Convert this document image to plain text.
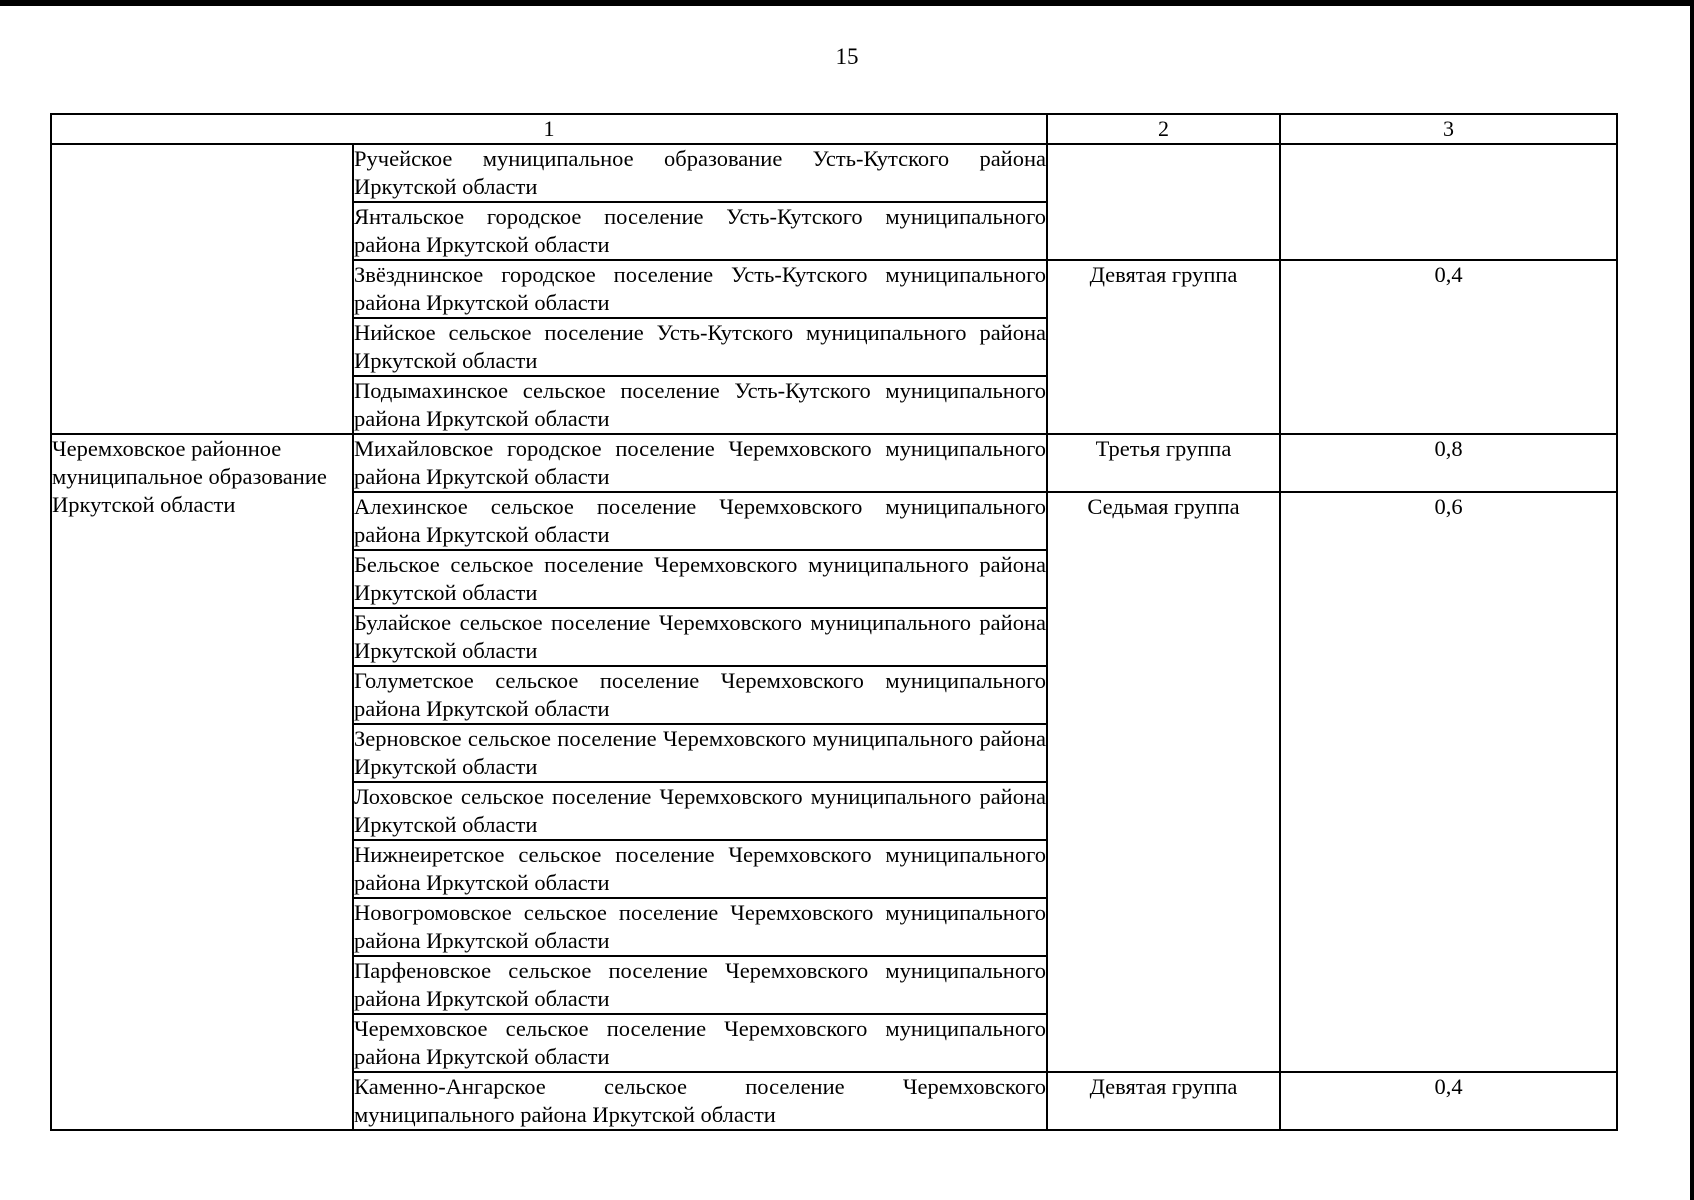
15
1		2	3
	Ручейское муниципальное образование Усть-Кутского района Иркутской области		
	Янтальское городское поселение Усть-Кутского муниципального района Иркутской области		
	Звёзднинское городское поселение Усть-Кутского муниципального района Иркутской области	Девятая группа	0,4
	Нийское сельское поселение Усть-Кутского муниципального района Иркутской области		
	Подымахинское сельское поселение Усть-Кутского муниципального района Иркутской области		
Черемховское районное муниципальное образование Иркутской области	Михайловское городское поселение Черемховского муниципального района Иркутской области	Третья группа	0,8
	Алехинское сельское поселение Черемховского муниципального района Иркутской области	Седьмая группа	0,6
	Бельское сельское поселение Черемховского муниципального района Иркутской области		
	Булайское сельское поселение Черемховского муниципального района Иркутской области		
	Голуметское сельское поселение Черемховского муниципального района Иркутской области		
	Зерновское сельское поселение Черемховского муниципального района Иркутской области		
	Лоховское сельское поселение Черемховского муниципального района Иркутской области		
	Нижнеиретское сельское поселение Черемховского муниципального района Иркутской области		
	Новогромовское сельское поселение Черемховского муниципального района Иркутской области		
	Парфеновское сельское поселение Черемховского муниципального района Иркутской области		
	Черемховское сельское поселение Черемховского муниципального района Иркутской области		
	Каменно-Ангарское сельское поселение Черемховского муниципального района Иркутской области	Девятая группа	0,4
